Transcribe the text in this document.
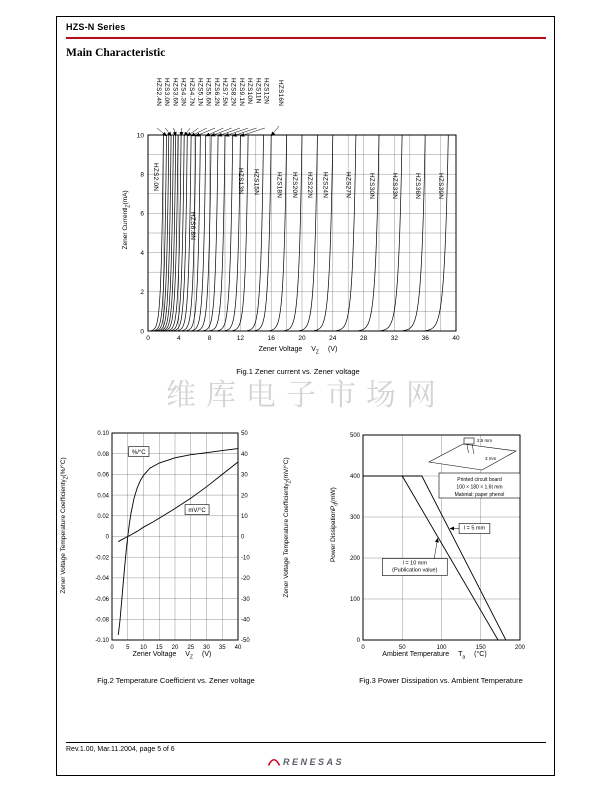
HZS-N Series
Main Characteristic
维库电子市场网
0	4	8	12	16	20	24	28	32	36	40
0
2
4
6
8
10
Zener CurrentI$_Z$(mA)
Zener Voltage $V_Z$ (V)
Fig.1 Zener current vs. Zener voltage
0 5 10 15 20 25 30 35 40
0.10
0.08
0.06
0.04
0.02
0
-0.02
-0.04
-0.06
-0.08
-0.10
50
40
30
20
10
0
-10
-20
-30
-40
-50
%/°C
mV/°C
Zener Voltage Temperature Coefficientγ$_Z$(%/°C)
Zener Voltage Temperature Coefficientγ$_Z$(mV/°C)
Zener Voltage $V_Z$ (V)
Fig.2 Temperature Coefficient vs. Zener voltage
0	50	100	150	200
0
100
200
300
400
500
l = 5 mm
l = 10 mm
(Publication value)
2.5 mm
3 mm
Printed circuit board
100 × 180 × 1.6t mm
Material: paper phenol
Power DissipationP$_d$(mW)
Ambient Temperature $T_a$ (°C)
Fig.3 Power Dissipation vs. Ambient Temperature
Rev.1.00, Mar.11.2004, page 5 of 6
RENESAS
HZS2.0N
HZS6.8N
HZS13N HZS15N HZS18N HZS20N HZS22N HZS24N HZS27N HZS30N HZS33N HZS36N HZS39N
HZS2.4N HZS3.0N HZS3.6N HZS4.3N HZS4.7N HZS5.1N HZS5.6N HZS6.2N HZS7.5N HZS8.2N HZS9.1N HZS10N HZS11N HZS12N HZS16N
